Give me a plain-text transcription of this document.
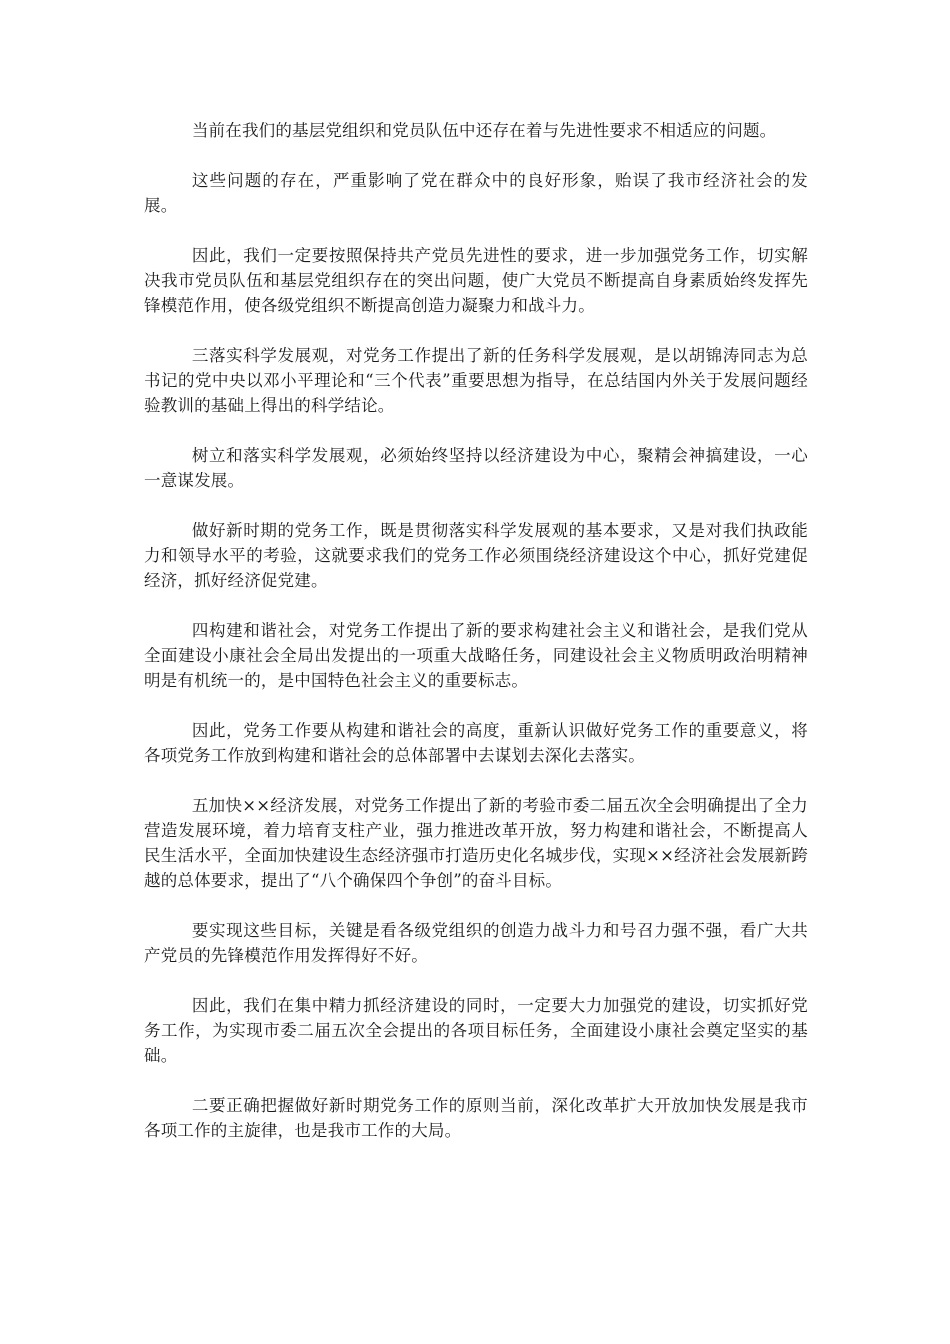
当前在我们的基层党组织和党员队伍中还存在着与先进性要求不相适应的问题。

这些问题的存在，严重影响了党在群众中的良好形象，贻误了我市经济社会的发展。

因此，我们一定要按照保持共产党员先进性的要求，进一步加强党务工作，切实解决我市党员队伍和基层党组织存在的突出问题，使广大党员不断提高自身素质始终发挥先锋模范作用，使各级党组织不断提高创造力凝聚力和战斗力。

三落实科学发展观，对党务工作提出了新的任务科学发展观，是以胡锦涛同志为总书记的党中央以邓小平理论和“三个代表”重要思想为指导，在总结国内外关于发展问题经验教训的基础上得出的科学结论。

树立和落实科学发展观，必须始终坚持以经济建设为中心，聚精会神搞建设，一心一意谋发展。

做好新时期的党务工作，既是贯彻落实科学发展观的基本要求，又是对我们执政能力和领导水平的考验，这就要求我们的党务工作必须围绕经济建设这个中心，抓好党建促经济，抓好经济促党建。

四构建和谐社会，对党务工作提出了新的要求构建社会主义和谐社会，是我们党从全面建设小康社会全局出发提出的一项重大战略任务，同建设社会主义物质明政治明精神明是有机统一的，是中国特色社会主义的重要标志。

因此，党务工作要从构建和谐社会的高度，重新认识做好党务工作的重要意义，将各项党务工作放到构建和谐社会的总体部署中去谋划去深化去落实。

五加快××经济发展，对党务工作提出了新的考验市委二届五次全会明确提出了全力营造发展环境，着力培育支柱产业，强力推进改革开放，努力构建和谐社会，不断提高人民生活水平，全面加快建设生态经济强市打造历史化名城步伐，实现××经济社会发展新跨越的总体要求，提出了“八个确保四个争创”的奋斗目标。

要实现这些目标，关键是看各级党组织的创造力战斗力和号召力强不强，看广大共产党员的先锋模范作用发挥得好不好。

因此，我们在集中精力抓经济建设的同时，一定要大力加强党的建设，切实抓好党务工作，为实现市委二届五次全会提出的各项目标任务，全面建设小康社会奠定坚实的基础。

二要正确把握做好新时期党务工作的原则当前，深化改革扩大开放加快发展是我市各项工作的主旋律，也是我市工作的大局。
